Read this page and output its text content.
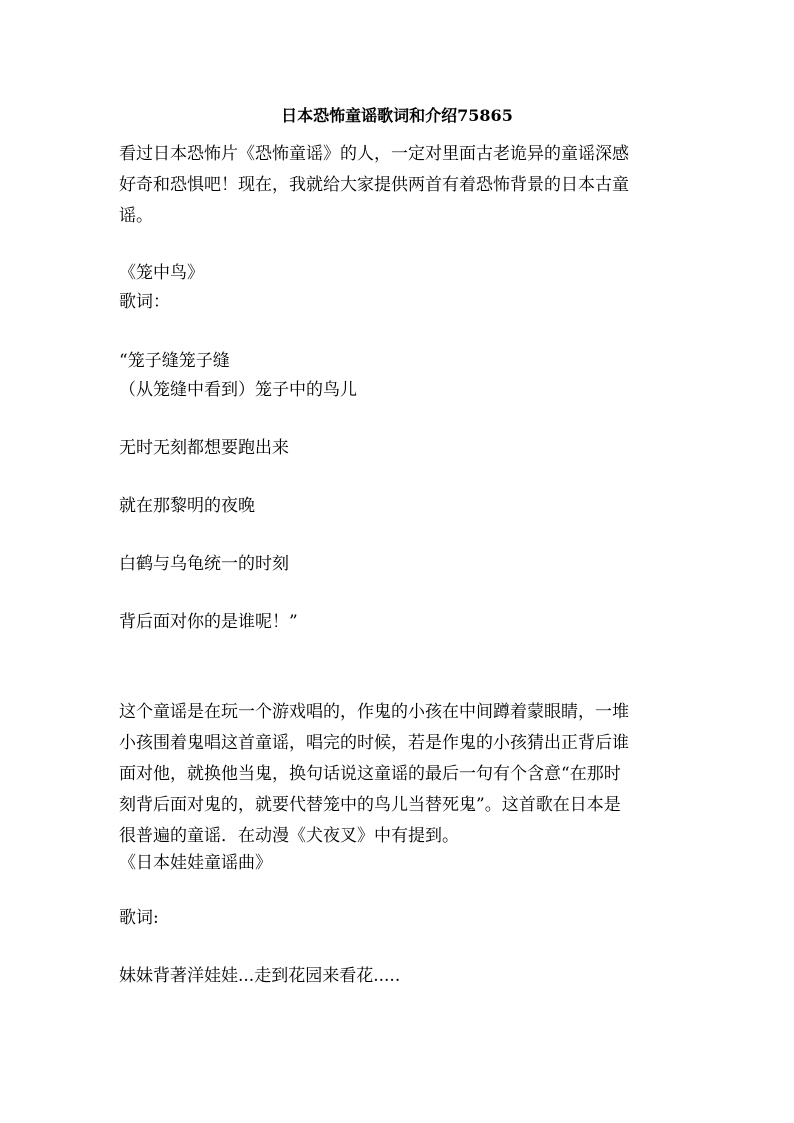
日本恐怖童谣歌词和介绍75865
看过日本恐怖片《恐怖童谣》的人，一定对里面古老诡异的童谣深感
好奇和恐惧吧！现在，我就给大家提供两首有着恐怖背景的日本古童
谣。
《笼中鸟》
歌词：
“笼子缝笼子缝
（从笼缝中看到）笼子中的鸟儿
无时无刻都想要跑出来
就在那黎明的夜晚
白鹤与乌龟统一的时刻
背后面对你的是谁呢！”
这个童谣是在玩一个游戏唱的，作鬼的小孩在中间蹲着蒙眼睛，一堆
小孩围着鬼唱这首童谣，唱完的时候，若是作鬼的小孩猜出正背后谁
面对他，就换他当鬼，换句话说这童谣的最后一句有个含意“在那时
刻背后面对鬼的，就要代替笼中的鸟儿当替死鬼”。这首歌在日本是
很普遍的童谣．在动漫《犬夜叉》中有提到。
《日本娃娃童谣曲》
歌词:
妹妹背著洋娃娃...走到花园来看花.....
